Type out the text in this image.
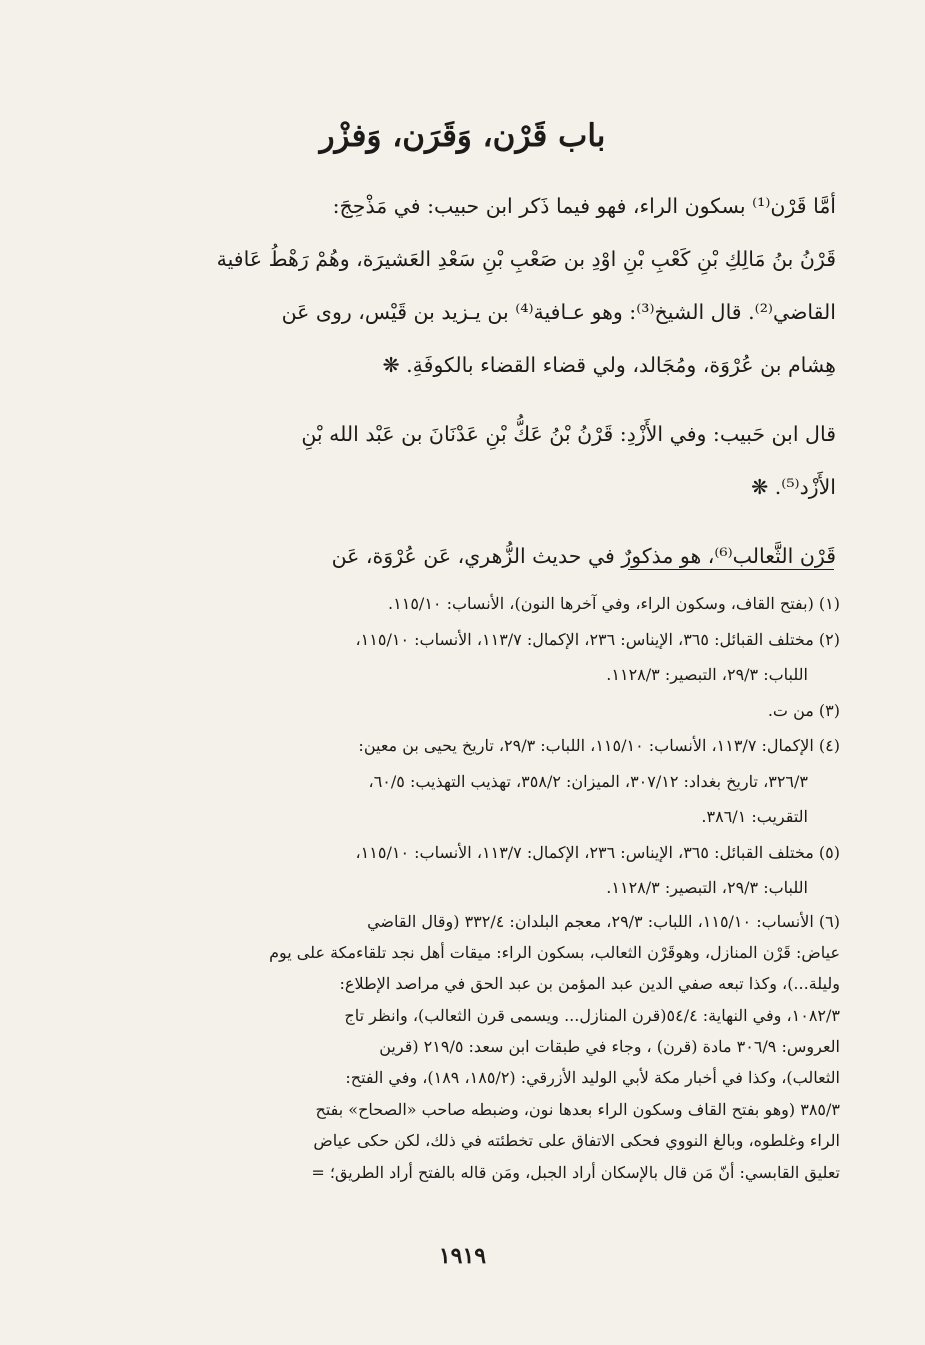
باب قَرْن، وَقَرَن، وَفزْر

أمَّا قَرْن⁽¹⁾ بسكون الراء، فهو فيما ذَكر ابن حبيب: في مَذْحِجَ:
قَرْنُ بنُ مَالِكِ بْنِ كَعْبِ بْنِ اوْدِ بن صَعْبِ بْنِ سَعْدِ العَشيرَة، وهُمْ رَهْطُ عَافية
القاضي⁽²⁾. قال الشيخ⁽³⁾: وهو عـافية⁽⁴⁾ بن يـزيد بن قَيْس، روى عَن
هِشام بن عُرْوَة، ومُجَالد، ولي قضاء القضاء بالكوفَةِ. ❋

قال ابن حَبيب: وفي الأَزْدِ: قَرْنُ بْنُ عَكُّ بْنِ عَدْنَانَ بن عَبْد الله بْنِ
الأَزْد⁽⁵⁾. ❋

قَرْن الثَّعالب⁽⁶⁾، هو مذكورٌ في حديث الزُّهري، عَن عُرْوَة، عَن

(١) (بفتح القاف، وسكون الراء، وفي آخرها النون)، الأنساب: ١١٥/١٠.

(٢) مختلف القبائل: ٣٦٥، الإيناس: ٢٣٦، الإكمال: ١١٣/٧، الأنساب: ١١٥/١٠،
اللباب: ٢٩/٣، التبصير: ١١٢٨/٣.

(٣) من ت.

(٤) الإكمال: ١١٣/٧، الأنساب: ١١٥/١٠، اللباب: ٢٩/٣، تاريخ يحيى بن معين:
٣٢٦/٣، تاريخ بغداد: ٣٠٧/١٢، الميزان: ٣٥٨/٢، تهذيب التهذيب: ٦٠/٥،
التقريب: ٣٨٦/١.

(٥) مختلف القبائل: ٣٦٥، الإيناس: ٢٣٦، الإكمال: ١١٣/٧، الأنساب: ١١٥/١٠،
اللباب: ٢٩/٣، التبصير: ١١٢٨/٣.

(٦) الأنساب: ١١٥/١٠، اللباب: ٢٩/٣، معجم البلدان: ٣٣٢/٤ (وقال القاضي
عياض: قَرْن المنازل، وهوقَرْن الثعالب، بسكون الراء: ميقات أهل نجد تلقاءمكة على يوم
وليلة...)، وكذا تبعه صفي الدين عبد المؤمن بن عبد الحق في مراصد الإطلاع:
١٠٨٢/٣، وفي النهاية: ٥٤/٤(قرن المنازل... ويسمى قرن الثعالب)، وانظر تاج
العروس: ٣٠٦/٩ مادة (قرن) ، وجاء في طبقات ابن سعد: ٢١٩/٥ (قرين
الثعالب)، وكذا في أخبار مكة لأبي الوليد الأزرقي: (١٨٥/٢، ١٨٩)، وفي الفتح:
٣٨٥/٣ (وهو بفتح القاف وسكون الراء بعدها نون، وضبطه صاحب «الصحاح» بفتح
الراء وغلطوه، وبالغ النووي فحكى الاتفاق على تخطئته في ذلك، لكن حكى عياض
تعليق القابسي: أنّ مَن قال بالإسكان أراد الجبل، ومَن قاله بالفتح أراد الطريق؛ =

١٩١٩
